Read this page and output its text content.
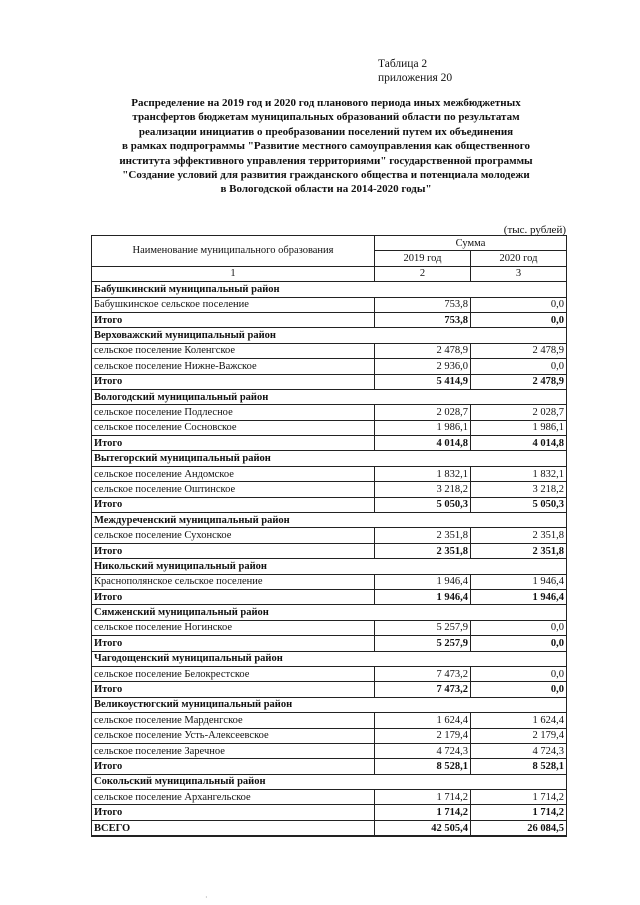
Таблица 2
приложения 20
Распределение на 2019 год и 2020 год планового периода иных межбюджетных
трансфертов бюджетам муниципальных образований области по результатам
реализации инициатив о преобразовании поселений путем их объединения
в рамках подпрограммы "Развитие местного самоуправления как общественного
института эффективного управления территориями" государственной программы
"Создание условий для развития гражданского общества и потенциала молодежи
в Вологодской области на 2014-2020 годы"
(тыс. рублей)
Наименование муниципального образования	Сумма	
	2019 год	2020 год
1	2	3
Бабушкинский муниципальный район		
Бабушкинское сельское поселение	753,8	0,0
Итого	753,8	0,0
Верховажский муниципальный район		
сельское поселение Коленгское	2 478,9	2 478,9
сельское поселение Нижне-Важское	2 936,0	0,0
Итого	5 414,9	2 478,9
Вологодский муниципальный район		
сельское поселение Подлесное	2 028,7	2 028,7
сельское поселение Сосновское	1 986,1	1 986,1
Итого	4 014,8	4 014,8
Вытегорский муниципальный район		
сельское поселение Андомское	1 832,1	1 832,1
сельское поселение Оштинское	3 218,2	3 218,2
Итого	5 050,3	5 050,3
Междуреченский муниципальный район		
сельское поселение Сухонское	2 351,8	2 351,8
Итого	2 351,8	2 351,8
Никольский муниципальный район		
Краснополянское сельское поселение	1 946,4	1 946,4
Итого	1 946,4	1 946,4
Сямженский муниципальный район		
сельское поселение Ногинское	5 257,9	0,0
Итого	5 257,9	0,0
Чагодощенский муниципальный район		
сельское поселение Белокрестское	7 473,2	0,0
Итого	7 473,2	0,0
Великоустюгский муниципальный район		
сельское поселение Марденгское	1 624,4	1 624,4
сельское поселение Усть-Алексеевское	2 179,4	2 179,4
сельское поселение Заречное	4 724,3	4 724,3
Итого	8 528,1	8 528,1
Сокольский муниципальный район		
сельское поселение Архангельское	1 714,2	1 714,2
Итого	1 714,2	1 714,2
ВСЕГО	42 505,4	26 084,5
·
